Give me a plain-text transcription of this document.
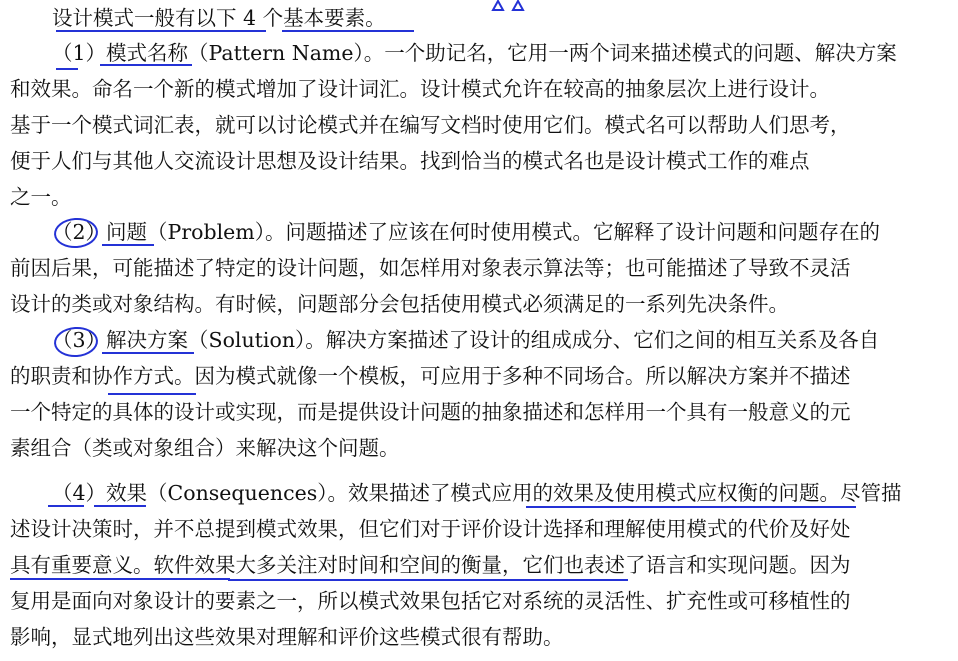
设计模式一般有以下 4 个基本要素。
（1）模式名称（Pattern Name）。一个助记名，它用一两个词来描述模式的问题、解决方案
和效果。命名一个新的模式增加了设计词汇。设计模式允许在较高的抽象层次上进行设计。
基于一个模式词汇表，就可以讨论模式并在编写文档时使用它们。模式名可以帮助人们思考，
便于人们与其他人交流设计思想及设计结果。找到恰当的模式名也是设计模式工作的难点
之一。
（2）问题（Problem）。问题描述了应该在何时使用模式。它解释了设计问题和问题存在的
前因后果，可能描述了特定的设计问题，如怎样用对象表示算法等；也可能描述了导致不灵活
设计的类或对象结构。有时候，问题部分会包括使用模式必须满足的一系列先决条件。
（3）解决方案（Solution）。解决方案描述了设计的组成成分、它们之间的相互关系及各自
的职责和协作方式。因为模式就像一个模板，可应用于多种不同场合。所以解决方案并不描述
一个特定的具体的设计或实现，而是提供设计问题的抽象描述和怎样用一个具有一般意义的元
素组合（类或对象组合）来解决这个问题。
（4）效果（Consequences）。效果描述了模式应用的效果及使用模式应权衡的问题。尽管描
述设计决策时，并不总提到模式效果，但它们对于评价设计选择和理解使用模式的代价及好处
具有重要意义。软件效果大多关注对时间和空间的衡量，它们也表述了语言和实现问题。因为
复用是面向对象设计的要素之一，所以模式效果包括它对系统的灵活性、扩充性或可移植性的
影响，显式地列出这些效果对理解和评价这些模式很有帮助。
